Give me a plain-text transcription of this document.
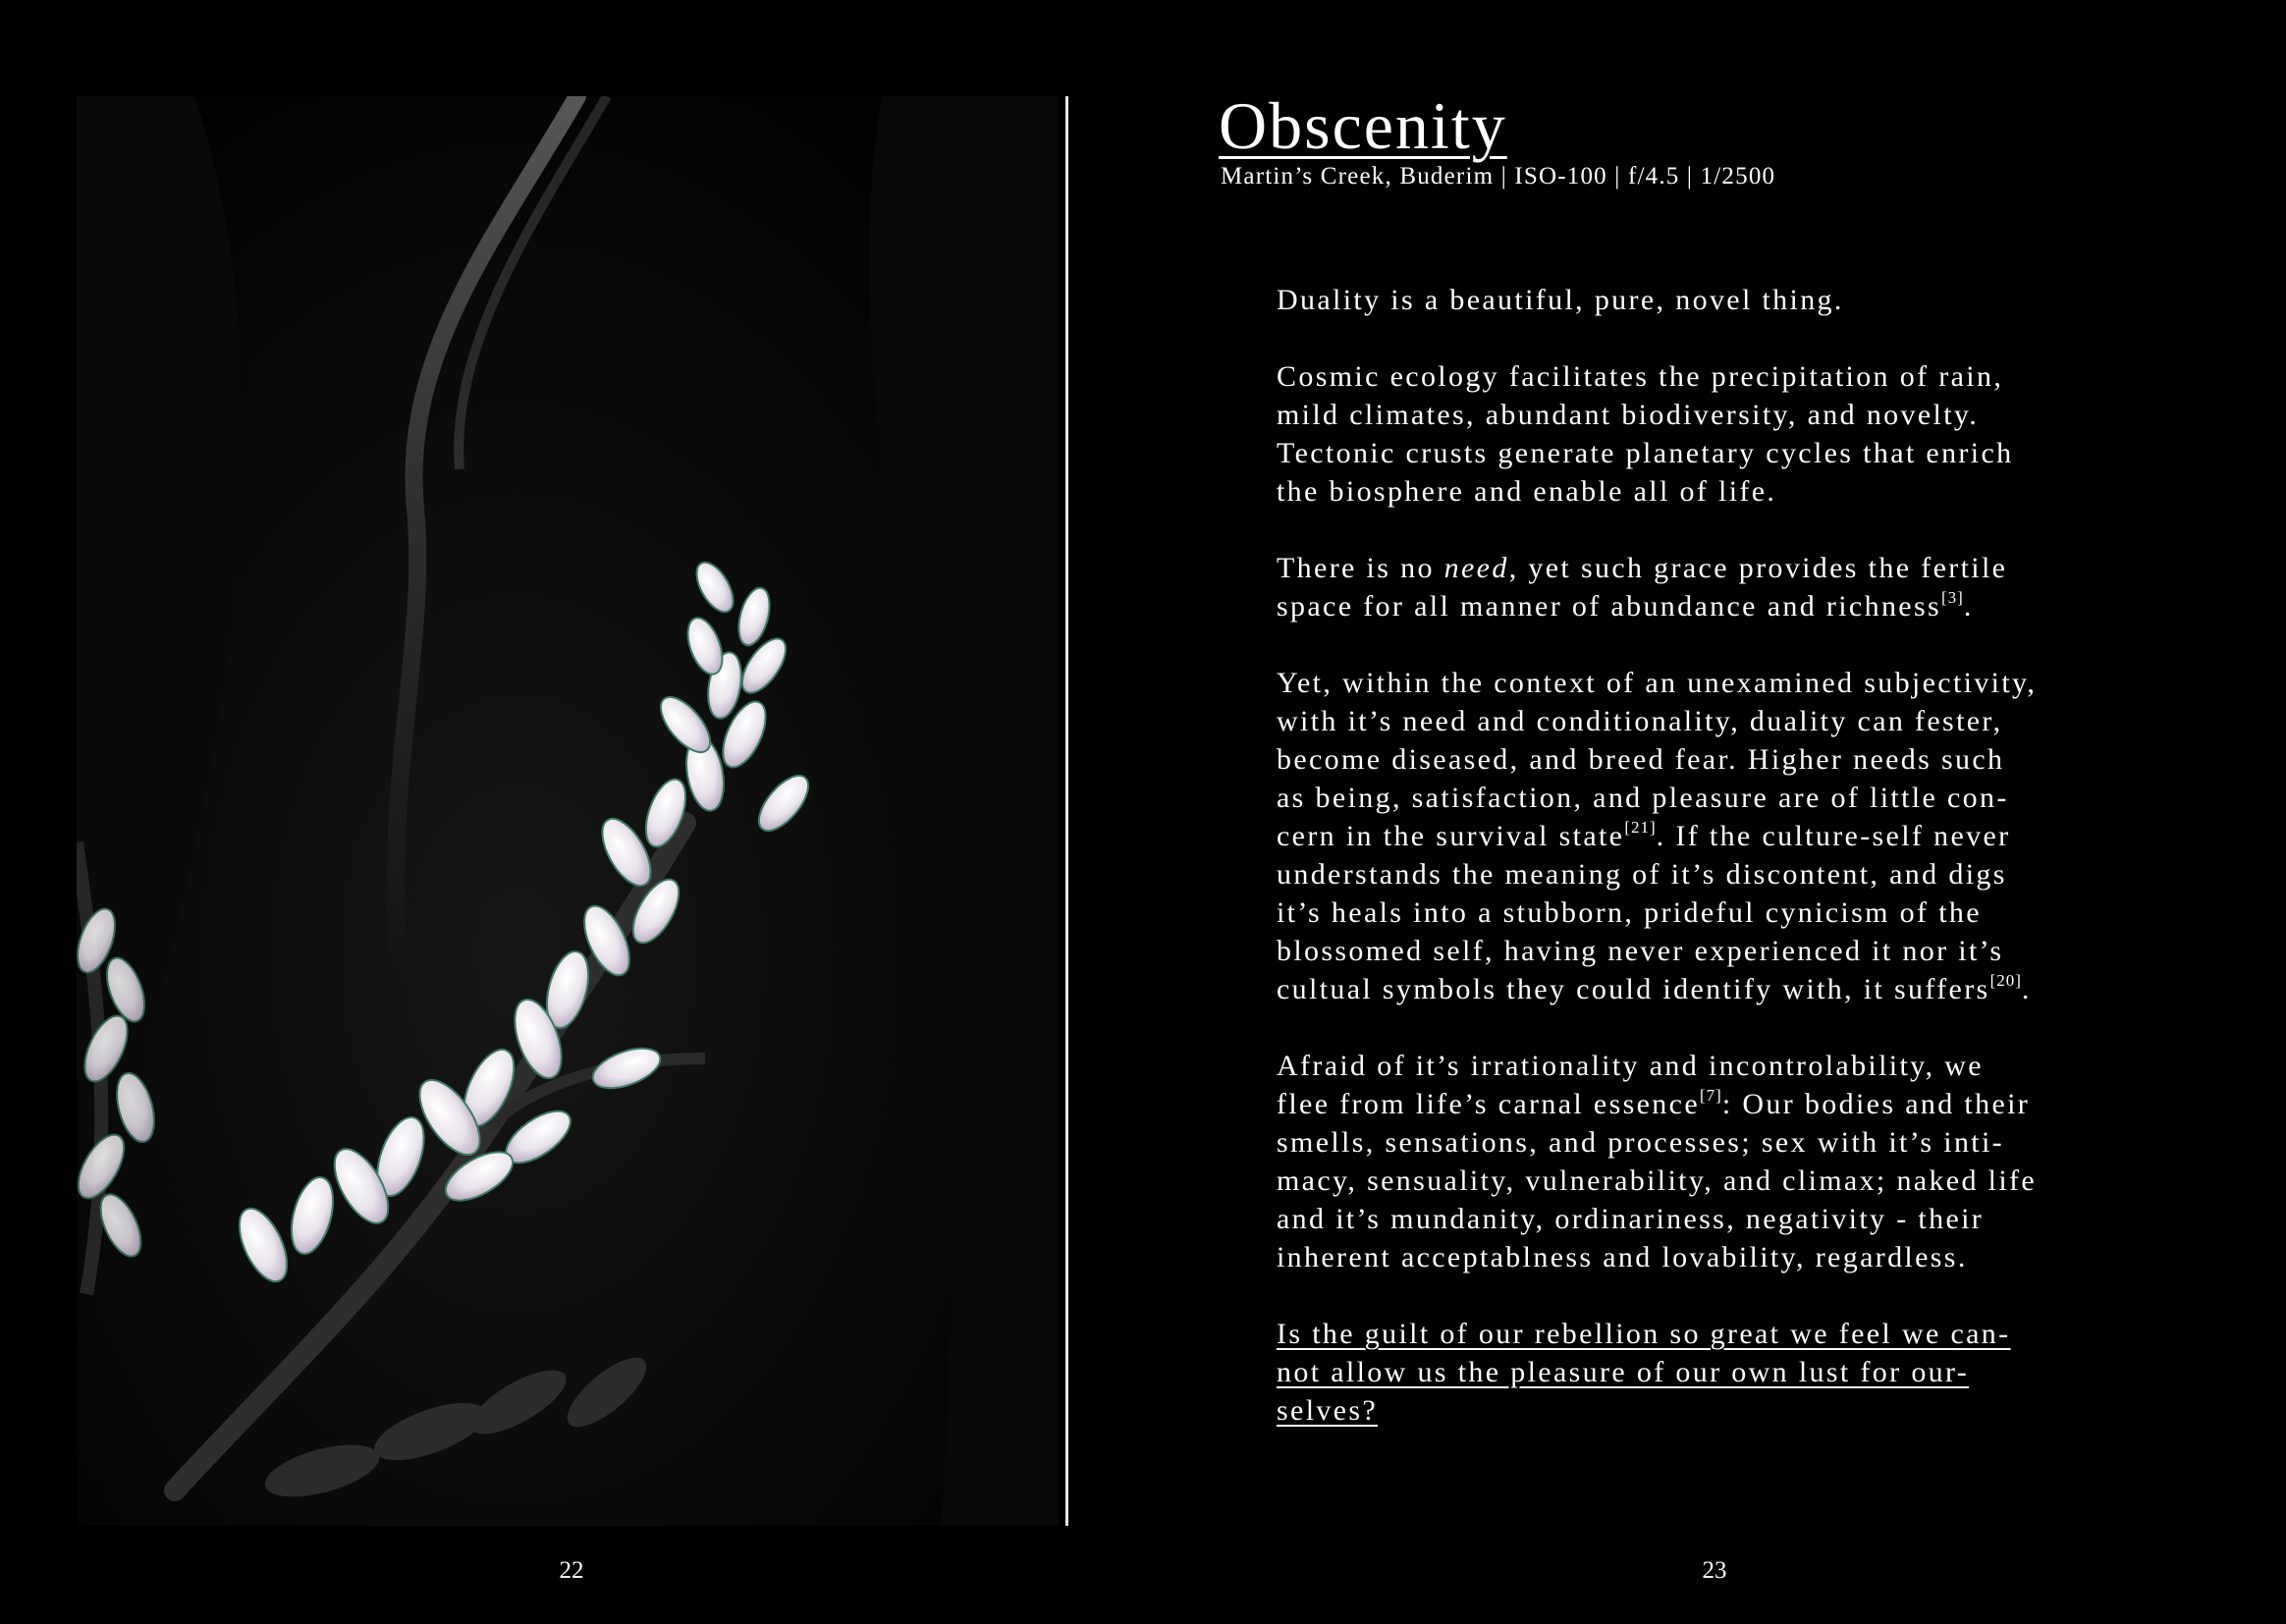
Obscenity
Martin’s Creek, Buderim | ISO-100 | f/4.5 | 1/2500

Duality is a beautiful, pure, novel thing.

Cosmic ecology facilitates the precipitation of rain,
mild climates, abundant biodiversity, and novelty.
Tectonic crusts generate planetary cycles that enrich
the biosphere and enable all of life.

There is no need, yet such grace provides the fertile
space for all manner of abundance and richness[3].

Yet, within the context of an unexamined subjectivity,
with it’s need and conditionality, duality can fester,
become diseased, and breed fear. Higher needs such
as being, satisfaction, and pleasure are of little con-
cern in the survival state[21]. If the culture-self never
understands the meaning of it’s discontent, and digs
it’s heals into a stubborn, prideful cynicism of the
blossomed self, having never experienced it nor it’s
cultual symbols they could identify with, it suffers[20].

Afraid of it’s irrationality and incontrolability, we
flee from life’s carnal essence[7]: Our bodies and their
smells, sensations, and processes; sex with it’s inti-
macy, sensuality, vulnerability, and climax; naked life
and it’s mundanity, ordinariness, negativity - their
inherent acceptablness and lovability, regardless.

Is the guilt of our rebellion so great we feel we can-
not allow us the pleasure of our own lust for our-
selves?

22	23
